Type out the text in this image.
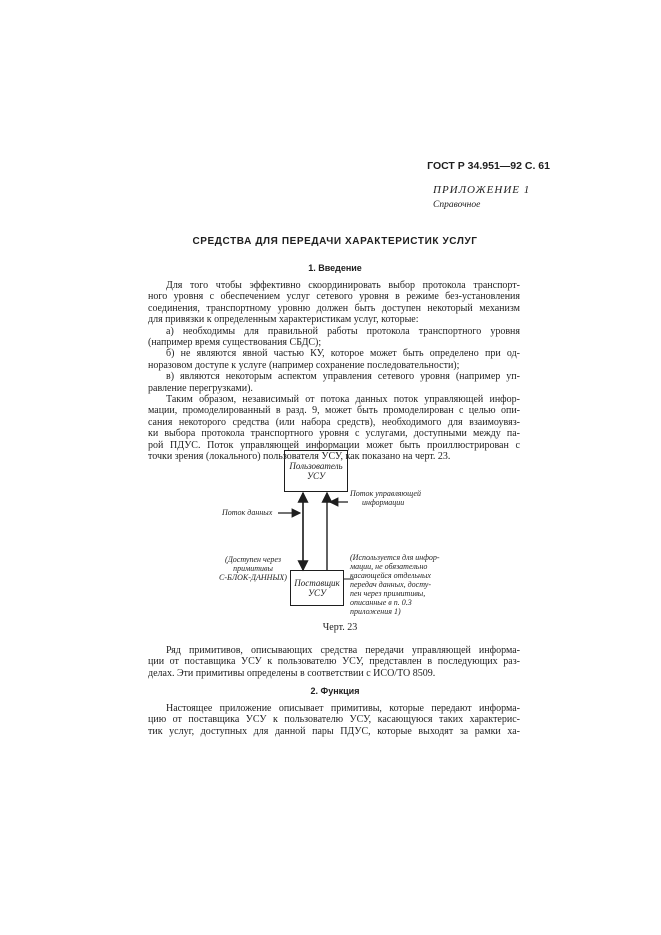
ГОСТ Р 34.951—92 С. 61
ПРИЛОЖЕНИЕ 1
Справочное
СРЕДСТВА ДЛЯ ПЕРЕДАЧИ ХАРАКТЕРИСТИК УСЛУГ
1. Введение

Для того чтобы эффективно скоординировать выбор протокола транспорт-

ного уровня с обеспечением услуг сетевого уровня в режиме без-установления

соединения, транспортному уровню должен быть доступен некоторый механизм

для привязки к определенным характеристикам услуг, которые:

а) необходимы для правильной работы протокола транспортного уровня

(например время существования СБДС);

б) не являются явной частью КУ, которое может быть определено при од-

норазовом доступе к услуге (например сохранение последовательности);

в) являются некоторым аспектом управления сетевого уровня (например уп-

равление перегрузками).

Таким образом, независимый от потока данных поток управляющей инфор-

мации, промоделированный в разд. 9, может быть промоделирован с целью опи-

сания некоторого средства (или набора средств), необходимого для взаимоувяз-

ки выбора протокола транспортного уровня с услугами, доступными между па-

рой ПДУС. Поток управляющей информации может быть проиллюстрирован с

точки зрения (локального) пользователя УСУ, как показано на черт. 23.

Пользователь
УСУ
Поставщик
УСУ
Поток данных
Поток управляющей
информации
(Доступен через
примитивы
С-БЛОК-ДАННЫХ)
(Используется для инфор-
мации, не обязательно
касающейся отдельных
передач данных, досту-
пен через примитивы,
описанные в п. 0.3
приложения 1)
Черт. 23

Ряд примитивов, описывающих средства передачи управляющей информа-

ции от поставщика УСУ к пользователю УСУ, представлен в последующих раз-

делах. Эти примитивы определены в соответствии с ИСО/ТО 8509.

2. Функция

Настоящее приложение описывает примитивы, которые передают информа-

цию от поставщика УСУ к пользователю УСУ, касающуюся таких характерис-

тик услуг, доступных для данной пары ПДУС, которые выходят за рамки ха-
